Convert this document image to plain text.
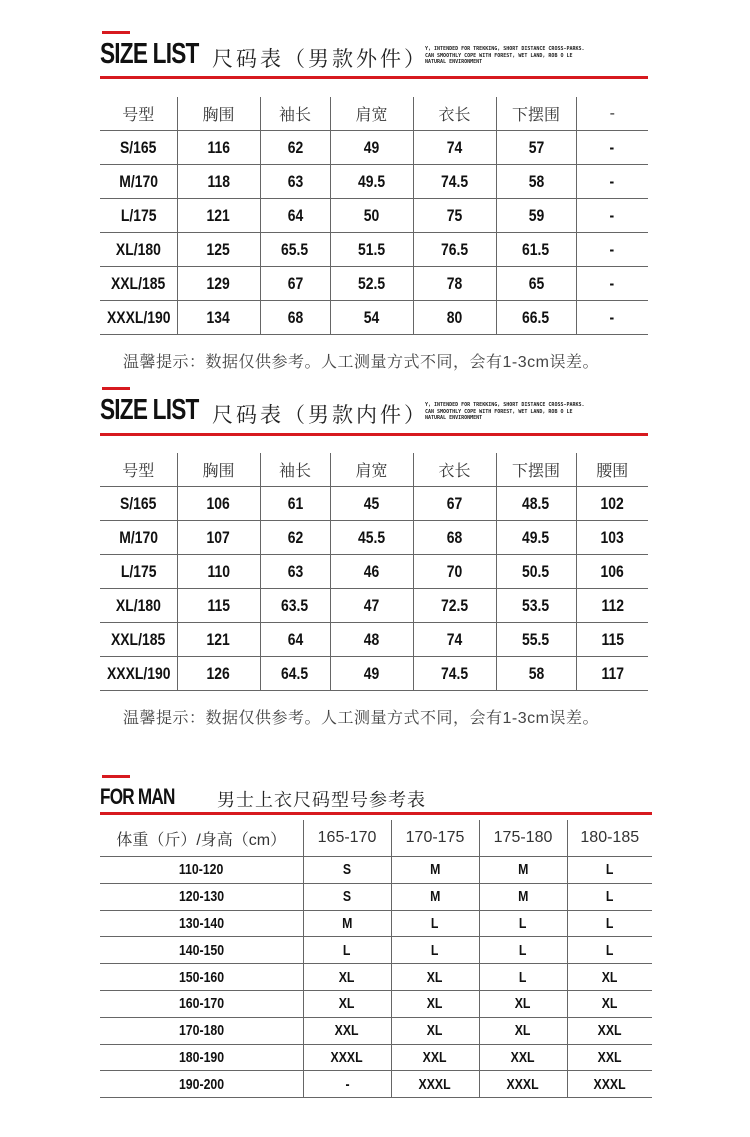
SIZE LIST 尺码表（男款外件）
Y, INTENDED FOR TREKKING, SHORT DISTANCE CROSS-PARKS. CAN SMOOTHLY COPE WITH FOREST, WET LAND, ROB O LE NATURAL ENVIRONMENT
号型	胸围	袖长	肩宽	衣长	下摆围	-
S/165	116	62	49	74	57	-
M/170	118	63	49.5	74.5	58	-
L/175	121	64	50	75	59	-
XL/180	125	65.5	51.5	76.5	61.5	-
XXL/185	129	67	52.5	78	65	-
XXXL/190	134	68	54	80	66.5	-
温馨提示：数据仅供参考。人工测量方式不同，会有1-3cm误差。
SIZE LIST 尺码表（男款内件）
Y, INTENDED FOR TREKKING, SHORT DISTANCE CROSS-PARKS. CAN SMOOTHLY COPE WITH FOREST, WET LAND, ROB O LE NATURAL ENVIRONMENT
号型	胸围	袖长	肩宽	衣长	下摆围	腰围
S/165	106	61	45	67	48.5	102
M/170	107	62	45.5	68	49.5	103
L/175	110	63	46	70	50.5	106
XL/180	115	63.5	47	72.5	53.5	112
XXL/185	121	64	48	74	55.5	115
XXXL/190	126	64.5	49	74.5	58	117
温馨提示：数据仅供参考。人工测量方式不同，会有1-3cm误差。
FOR MAN 男士上衣尺码型号参考表
体重（斤）/身高（cm）	165-170	170-175	175-180	180-185
110-120	S	M	M	L
120-130	S	M	M	L
130-140	M	L	L	L
140-150	L	L	L	L
150-160	XL	XL	L	XL
160-170	XL	XL	XL	XL
170-180	XXL	XL	XL	XXL
180-190	XXXL	XXL	XXL	XXL
190-200	-	XXXL	XXXL	XXXL
